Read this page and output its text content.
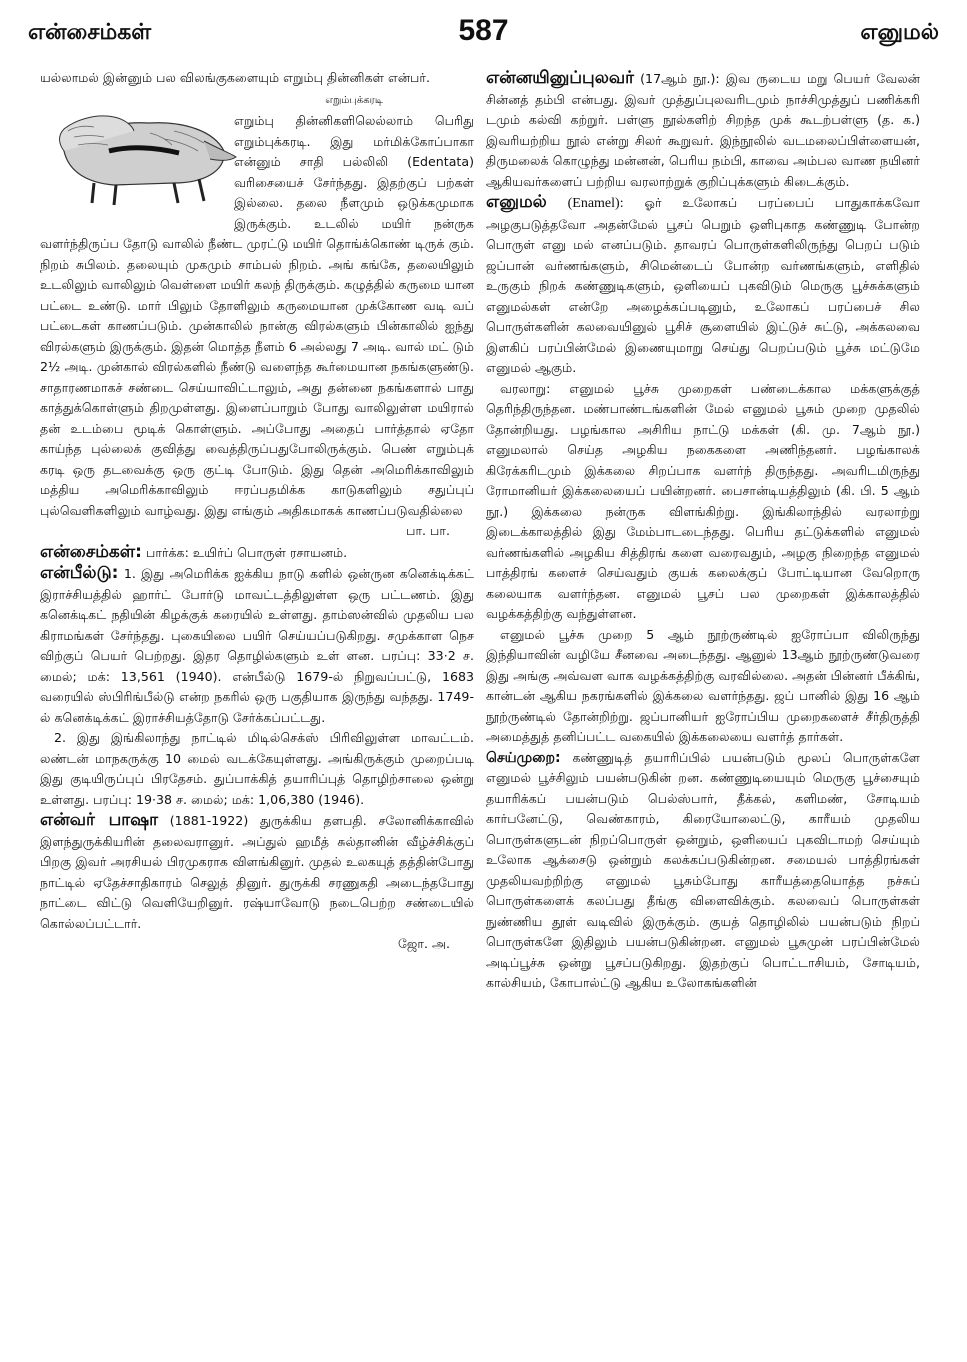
என்சைம்கள்	587	எனுமல்

யல்லாமல் இன்னும் பல விலங்குகளையும் எறும்பு தின்னிகள் என்பர்.

எறும்புக்கரடி
எறும்பு தின்னிகளிலெல்லாம் பெரிது எறும்புக்கரடி. இது மர்மிக்கோப்பாகா என்னும் சாதி பல்லிலி (Edentata) வரிசையைச் சேர்ந்தது. இதற்குப் பற்கள் இல்லை. தலை நீளமும் ஒடுக்கமுமாக இருக்கும். உடலில் மயிர் நன்ருக வளர்ந்திருப்ப தோடு வாலில் நீண்ட முரட்டு மயிர் தொங்க்கொண் டிருக் கும். நிறம் சுபிலம். தலையும் முகமும் சாம்பல் நிறம். அங் கங்கே, தலையிலும் உடலிலும் வாலிலும் வெள்ளை மயிர் கலந் திருக்கும். கழுத்தில் கருமை யான பட்டை உண்டு. மார் பிலும் தோளிலும் கருமையான முக்கோண வடி வப் பட்டைகள் காணப்படும். முன்காலில் நான்கு விரல்களும் பின்காலில் ஐந்து விரல்களும் இருக்கும். இதன் மொத்த நீளம் 6 அல்லது 7 அடி. வால் மட் டும் 2½ அடி. முன்கால் விரல்களில் நீண்டு வளைந்த கூர்மையான நகங்களுண்டு. சாதாரணமாகச் சண்டை செய்யாவிட்டாலும், அது தன்னை நகங்களால் பாது காத்துக்கொள்ளும் திறமுள்ளது. இளைப்பாறும் போது வாலிலுள்ள மயிரால் தன் உடம்பை மூடிக் கொள்ளும். அப்போது அதைப் பார்த்தால் ஏதோ காய்ந்த புல்லைக் குவித்து வைத்திருப்பதுபோலிருக்கும். பெண் எறும்புக் கரடி ஒரு தடவைக்கு ஒரு குட்டி போடும். இது தென் அமெரிக்காவிலும் மத்திய அமெரிக்காவிலும் ஈரப்பதமிக்க காடுகளிலும் சதுப்புப் புல்வெளிகளிலும் வாழ்வது. இது எங்கும் அதிகமாகக் காணப்படுவதில்லை

பா. பா.

என்சைம்கள்: பார்க்க: உயிர்ப் பொருள் ரசாயனம்.

என்பீல்டு: 1. இது அமெரிக்க ஐக்கிய நாடு களில் ஒன்ருன கனெக்டிக்கட் இராச்சியத்தில் ஹார்ட் போர்டு மாவட்டத்திலுள்ள ஒரு பட்டணம். இது கனெக்டிகட் நதியின் கிழக்குக் கரையில் உள்ளது. தாம்ஸன்வில் முதலிய பல கிராமங்கள் சேர்ந்தது. புகையிலை பயிர் செய்யப்படுகிறது. சமுக்காள நெச விற்குப் பெயர் பெற்றது. இதர தொழில்களும் உள் ளன. பரப்பு: 33·2 ச. மைல்; மக்: 13,561 (1940). என்பீல்டு 1679-ல் நிறுவப்பட்டு, 1683 வரையில் ஸ்பிரிங்பீல்டு என்ற நகரில் ஒரு பகுதியாக இருந்து வந்தது. 1749-ல் கனெக்டிக்கட் இராச்சியத்தோடு சேர்க்கப்பட்டது.

2. இது இங்கிலாந்து நாட்டில் மிடில்செக்ஸ் பிரிவிலுள்ள மாவட்டம். லண்டன் மாநகருக்கு 10 மைல் வடக்கேயுள்ளது. அங்கிருக்கும் முறைப்படி இது குடியிருப்புப் பிரதேசம். துப்பாக்கித் தயாரிப்புத் தொழிற்சாலை ஒன்று உள்ளது. பரப்பு: 19·38 ச. மைல்; மக்: 1,06,380 (1946).

என்வர் பாஷா (1881-1922) துருக்கிய தளபதி. சலோனிக்காவில் இளந்துருக்கியரின் தலைவரானுர். அப்துல் ஹமீத் சுல்தானின் வீழ்ச்சிக்குப் பிறகு இவர் அரசியல் பிரமுகராக விளங்கினுர். முதல் உலகயுத் தத்தின்போது நாட்டில் ஏதேச்சாதிகாரம் செலுத் தினுர். துருக்கி சரணுகதி அடைந்தபோது நாட்டை விட்டு வெளியேறினுர். ரஷ்யாவோடு நடைபெற்ற சண்டையில் கொல்லப்பட்டார்.

ஜோ. அ.

என்னயினுப்புலவர் (17ஆம் நூ.): இவ ருடைய மறு பெயர் வேலன் சின்னத் தம்பி என்பது. இவர் முத்துப்புலவரிடமும் நாச்சிமுத்துப் பணிக்கரி டமும் கல்வி கற்றுர். பள்ளு நூல்களிற் சிறந்த முக் கூடற்பள்ளு (த. க.) இவரியற்றிய நூல் என்று சிலர் கூறுவர். இந்நூலில் வடமலைப்பிள்ளையன், திருமலைக் கொழுந்து மன்னன், பெரிய நம்பி, காவை அம்பல வாண நயினர் ஆகியவர்களைப் பற்றிய வரலாற்றுக் குறிப்புக்களும் கிடைக்கும்.

எனுமல் (Enamel): ஓர் உலோகப் பரப்பைப் பாதுகாக்கவோ அழகுபடுத்தவோ அதன்மேல் பூசப் பெறும் ஒளிபுகாத கண்ணுடி போன்ற பொருள் எனு மல் எனப்படும். தாவரப் பொருள்களிலிருந்து பெறப் படும் ஜப்பான் வர்ணங்களும், சிமென்டைப் போன்ற வர்ணங்களும், எளிதில் உருகும் நிறக் கண்ணுடிகளும், ஒளியைப் புகவிடும் மெருகு பூச்சுக்களும் எனுமல்கள் என்றே அழைக்கப்படினும், உலோகப் பரப்பைச் சில பொருள்களின் கலவையினுல் பூசிச் சூளையில் இட்டுச் சுட்டு, அக்கலவை இளகிப் பரப்பின்மேல் இணையுமாறு செய்து பெறப்படும் பூச்சு மட்டுமே எனுமல் ஆகும்.

வரலாறு: எனுமல் பூச்சு முறைகள் பண்டைக்கால மக்களுக்குத் தெரிந்திருந்தன. மண்பாண்டங்களின் மேல் எனுமல் பூசும் முறை முதலில் தோன்றியது. பழங்கால அசிரிய நாட்டு மக்கள் (கி. மு. 7ஆம் நூ.) எனுமலால் செய்த அழகிய நகைகளை அணிந்தனர். பழங்காலக் கிரேக்கரிடமும் இக்கலை சிறப்பாக வளர்ந் திருந்தது. அவரிடமிருந்து ரோமானியர் இக்கலையைப் பயின்றனர். பைசான்டியத்திலும் (கி. பி. 5 ஆம் நூ.) இக்கலை நன்ருக விளங்கிற்று. இங்கிலாந்தில் வரலாற்று இடைக்காலத்தில் இது மேம்பாடடைந்தது. பெரிய தட்டுக்களில் எனுமல் வர்ணங்களில் அழகிய சித்திரங் களை வரைவதும், அழகு நிறைந்த எனுமல் பாத்திரங் களைச் செய்வதும் குயக் கலைக்குப் போட்டியான வேறொரு கலையாக வளர்ந்தன. எனுமல் பூசப் பல முறைகள் இக்காலத்தில் வழக்கத்திற்கு வந்துள்ளன.

எனுமல் பூச்சு முறை 5 ஆம் நூற்ருண்டில் ஐரோப்பா விலிருந்து இந்தியாவின் வழியே சீனவை அடைந்தது. ஆனுல் 13ஆம் நூற்ருண்டுவரை இது அங்கு அவ்வள வாக வழக்கத்திற்கு வரவில்லை. அதன் பின்னர் பீக்கிங், கான்டன் ஆகிய நகரங்களில் இக்கலை வளர்ந்தது. ஜப் பானில் இது 16 ஆம் நூற்ருண்டில் தோன்றிற்று. ஜப்பானியர் ஐரோப்பிய முறைகளைச் சீர்திருத்தி அமைத்துத் தனிப்பட்ட வகையில் இக்கலையை வளர்த் தார்கள்.

செய்முறை: கண்ணுடித் தயாரிப்பில் பயன்படும் மூலப் பொருள்களே எனுமல் பூச்சிலும் பயன்படுகின் றன. கண்ணுடியையும் மெருகு பூச்சையும் தயாரிக்கப் பயன்படும் பெல்ஸ்பார், தீக்கல், களிமண், சோடியம் கார்பனேட்டு, வெண்காரம், கிரையோலைட்டு, காரீயம் முதலிய பொருள்களுடன் நிறப்பொருள் ஒன்றும், ஒளியைப் புகவிடாமற் செய்யும் உலோக ஆக்சைடு ஒன்றும் கலக்கப்படுகின்றன. சமையல் பாத்திரங்கள் முதலியவற்றிற்கு எனுமல் பூசும்போது காரீயத்தையொத்த நச்சுப் பொருள்களைக் கலப்பது தீங்கு விளைவிக்கும். கலவைப் பொருள்கள் நுண்ணிய தூள் வடிவில் இருக்கும். குயத் தொழிலில் பயன்படும் நிறப் பொருள்களே இதிலும் பயன்படுகின்றன. எனுமல் பூசுமுன் பரப்பின்மேல் அடிப்பூச்சு ஒன்று பூசப்படுகிறது. இதற்குப் பொட்டாசியம், சோடியம், கால்சியம், கோபால்ட்டு ஆகிய உலோகங்களின்
